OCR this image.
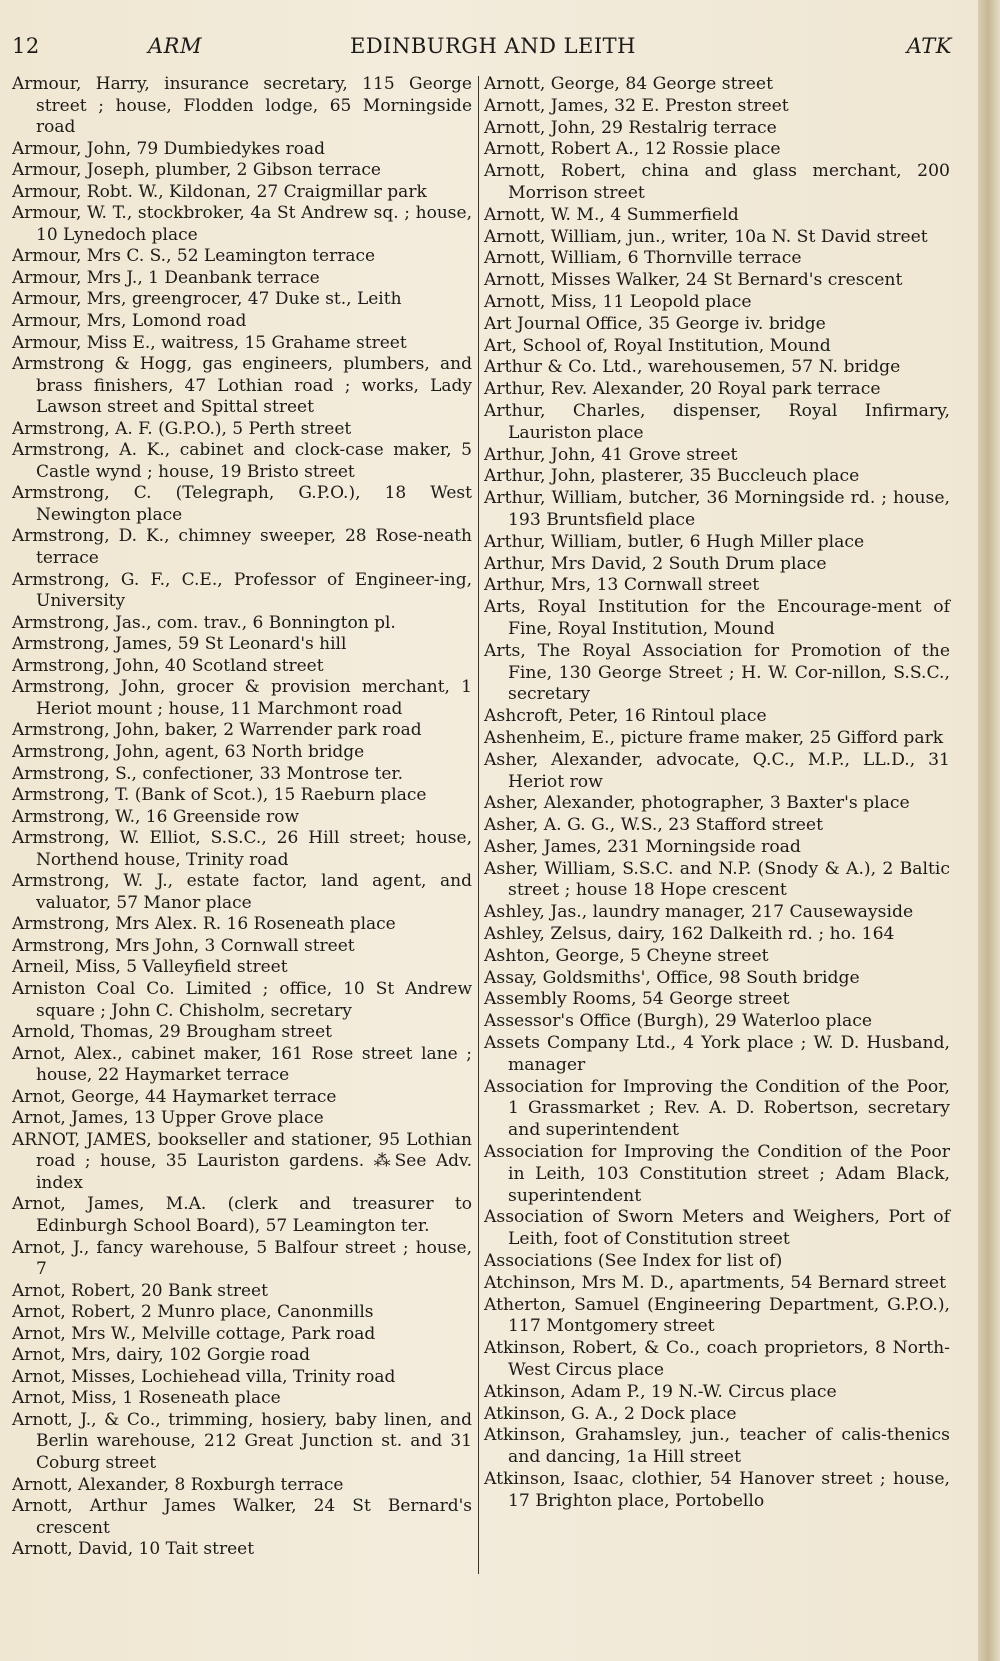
EDINBURGH AND LEITH
12	ARM	ATK

Armour, Harry, insurance secretary, 115 George street ; house, Flodden lodge, 65 Morningside road

Armour, John, 79 Dumbiedykes road

Armour, Joseph, plumber, 2 Gibson terrace

Armour, Robt. W., Kildonan, 27 Craigmillar park

Armour, W. T., stockbroker, 4a St Andrew sq. ; house, 10 Lynedoch place

Armour, Mrs C. S., 52 Leamington terrace

Armour, Mrs J., 1 Deanbank terrace

Armour, Mrs, greengrocer, 47 Duke st., Leith

Armour, Mrs, Lomond road

Armour, Miss E., waitress, 15 Grahame street

Armstrong & Hogg, gas engineers, plumbers, and brass finishers, 47 Lothian road ; works, Lady Lawson street and Spittal street

Armstrong, A. F. (G.P.O.), 5 Perth street

Armstrong, A. K., cabinet and clock-case maker, 5 Castle wynd ; house, 19 Bristo street

Armstrong, C. (Telegraph, G.P.O.), 18 West Newington place

Armstrong, D. K., chimney sweeper, 28 Rose-neath terrace

Armstrong, G. F., C.E., Professor of Engineer-ing, University

Armstrong, Jas., com. trav., 6 Bonnington pl.

Armstrong, James, 59 St Leonard's hill

Armstrong, John, 40 Scotland street

Armstrong, John, grocer & provision merchant, 1 Heriot mount ; house, 11 Marchmont road

Armstrong, John, baker, 2 Warrender park road

Armstrong, John, agent, 63 North bridge

Armstrong, S., confectioner, 33 Montrose ter.

Armstrong, T. (Bank of Scot.), 15 Raeburn place

Armstrong, W., 16 Greenside row

Armstrong, W. Elliot, S.S.C., 26 Hill street; house, Northend house, Trinity road

Armstrong, W. J., estate factor, land agent, and valuator, 57 Manor place

Armstrong, Mrs Alex. R. 16 Roseneath place

Armstrong, Mrs John, 3 Cornwall street

Arneil, Miss, 5 Valleyfield street

Arniston Coal Co. Limited ; office, 10 St Andrew square ; John C. Chisholm, secretary

Arnold, Thomas, 29 Brougham street

Arnot, Alex., cabinet maker, 161 Rose street lane ; house, 22 Haymarket terrace

Arnot, George, 44 Haymarket terrace

Arnot, James, 13 Upper Grove place

ARNOT, JAMES, bookseller and stationer, 95 Lothian road ; house, 35 Lauriston gardens. ⁂See Adv. index

Arnot, James, M.A. (clerk and treasurer to Edinburgh School Board), 57 Leamington ter.

Arnot, J., fancy warehouse, 5 Balfour street ; house, 7

Arnot, Robert, 20 Bank street

Arnot, Robert, 2 Munro place, Canonmills

Arnot, Mrs W., Melville cottage, Park road

Arnot, Mrs, dairy, 102 Gorgie road

Arnot, Misses, Lochiehead villa, Trinity road

Arnot, Miss, 1 Roseneath place

Arnott, J., & Co., trimming, hosiery, baby linen, and Berlin warehouse, 212 Great Junction st. and 31 Coburg street

Arnott, Alexander, 8 Roxburgh terrace

Arnott, Arthur James Walker, 24 St Bernard's crescent

Arnott, David, 10 Tait street

Arnott, George, 84 George street

Arnott, James, 32 E. Preston street

Arnott, John, 29 Restalrig terrace

Arnott, Robert A., 12 Rossie place

Arnott, Robert, china and glass merchant, 200 Morrison street

Arnott, W. M., 4 Summerfield

Arnott, William, jun., writer, 10a N. St David street

Arnott, William, 6 Thornville terrace

Arnott, Misses Walker, 24 St Bernard's crescent

Arnott, Miss, 11 Leopold place

Art Journal Office, 35 George iv. bridge

Art, School of, Royal Institution, Mound

Arthur & Co. Ltd., warehousemen, 57 N. bridge

Arthur, Rev. Alexander, 20 Royal park terrace

Arthur, Charles, dispenser, Royal Infirmary, Lauriston place

Arthur, John, 41 Grove street

Arthur, John, plasterer, 35 Buccleuch place

Arthur, William, butcher, 36 Morningside rd. ; house, 193 Bruntsfield place

Arthur, William, butler, 6 Hugh Miller place

Arthur, Mrs David, 2 South Drum place

Arthur, Mrs, 13 Cornwall street

Arts, Royal Institution for the Encourage-ment of Fine, Royal Institution, Mound

Arts, The Royal Association for Promotion of the Fine, 130 George Street ; H. W. Cor-nillon, S.S.C., secretary

Ashcroft, Peter, 16 Rintoul place

Ashenheim, E., picture frame maker, 25 Gifford park

Asher, Alexander, advocate, Q.C., M.P., LL.D., 31 Heriot row

Asher, Alexander, photographer, 3 Baxter's place

Asher, A. G. G., W.S., 23 Stafford street

Asher, James, 231 Morningside road

Asher, William, S.S.C. and N.P. (Snody & A.), 2 Baltic street ; house 18 Hope crescent

Ashley, Jas., laundry manager, 217 Causewayside

Ashley, Zelsus, dairy, 162 Dalkeith rd. ; ho. 164

Ashton, George, 5 Cheyne street

Assay, Goldsmiths', Office, 98 South bridge

Assembly Rooms, 54 George street

Assessor's Office (Burgh), 29 Waterloo place

Assets Company Ltd., 4 York place ; W. D. Husband, manager

Association for Improving the Condition of the Poor, 1 Grassmarket ; Rev. A. D. Robertson, secretary and superintendent

Association for Improving the Condition of the Poor in Leith, 103 Constitution street ; Adam Black, superintendent

Association of Sworn Meters and Weighers, Port of Leith, foot of Constitution street

Associations (See Index for list of)

Atchinson, Mrs M. D., apartments, 54 Bernard street

Atherton, Samuel (Engineering Department, G.P.O.), 117 Montgomery street

Atkinson, Robert, & Co., coach proprietors, 8 North-West Circus place

Atkinson, Adam P., 19 N.-W. Circus place

Atkinson, G. A., 2 Dock place

Atkinson, Grahamsley, jun., teacher of calis-thenics and dancing, 1a Hill street

Atkinson, Isaac, clothier, 54 Hanover street ; house, 17 Brighton place, Portobello
